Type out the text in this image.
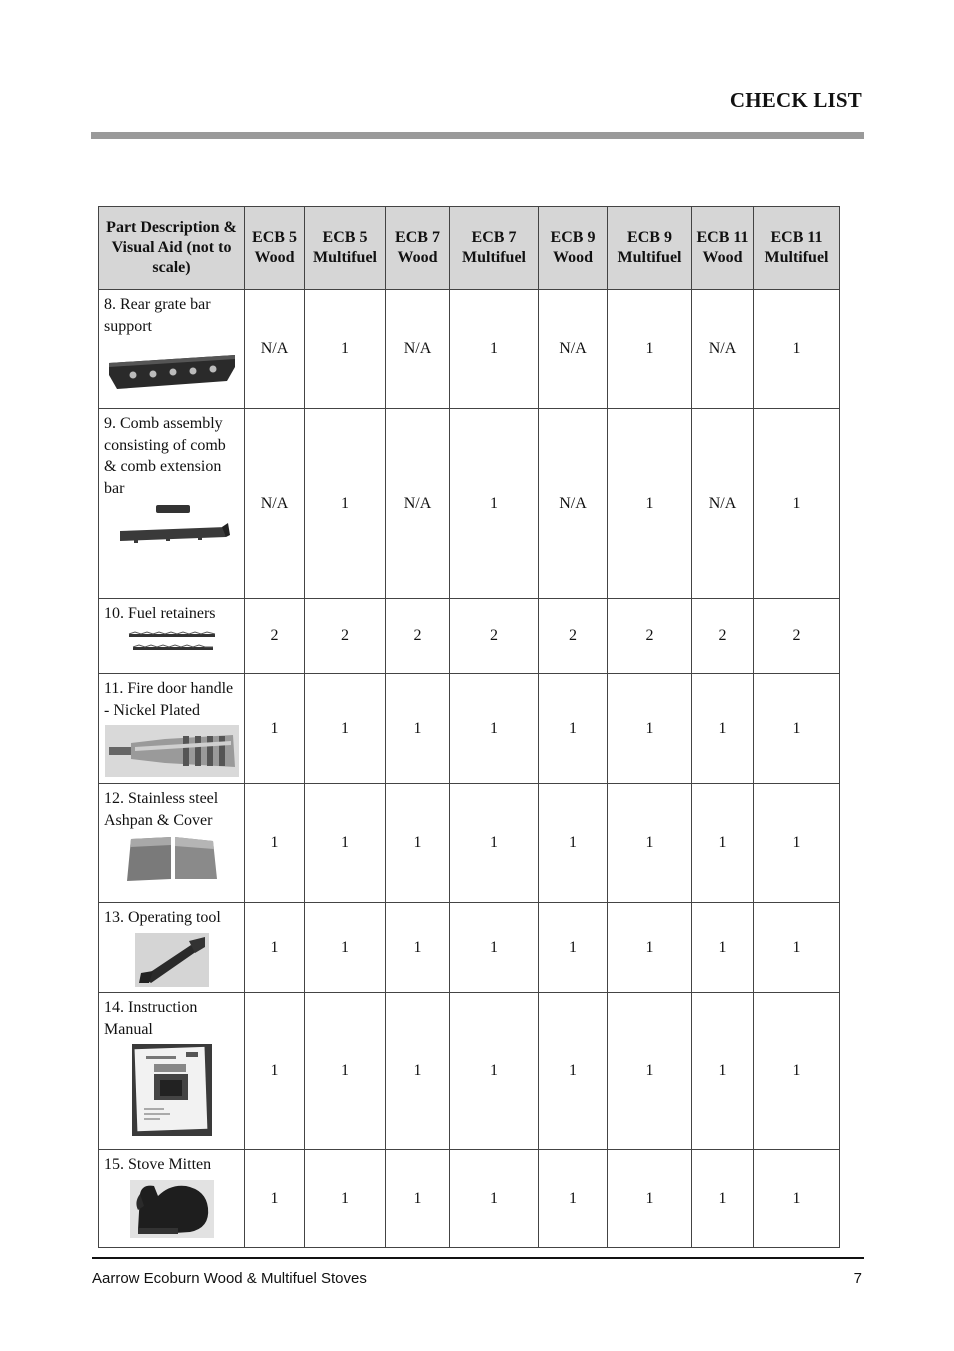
CHECK LIST
Part Description & Visual Aid (not to scale)	ECB 5 Wood	ECB 5 Multifuel	ECB 7 Wood	ECB 7 Multifuel	ECB 9 Wood	ECB 9 Multifuel	ECB 11 Wood	ECB 11 Multifuel

8. Rear grate bar support	N/A	1	N/A	1	N/A	1	N/A	1

9. Comb assembly consisting of comb & comb extension bar	N/A	1	N/A	1	N/A	1	N/A	1

10. Fuel retainers	2	2	2	2	2	2	2	2

11. Fire door handle - Nickel Plated	1	1	1	1	1	1	1	1

12. Stainless steel Ashpan & Cover	1	1	1	1	1	1	1	1

13. Operating tool	1	1	1	1	1	1	1	1

14. Instruction Manual	1	1	1	1	1	1	1	1

15. Stove Mitten	1	1	1	1	1	1	1	1
Aarrow Ecoburn Wood & Multifuel Stoves	7
